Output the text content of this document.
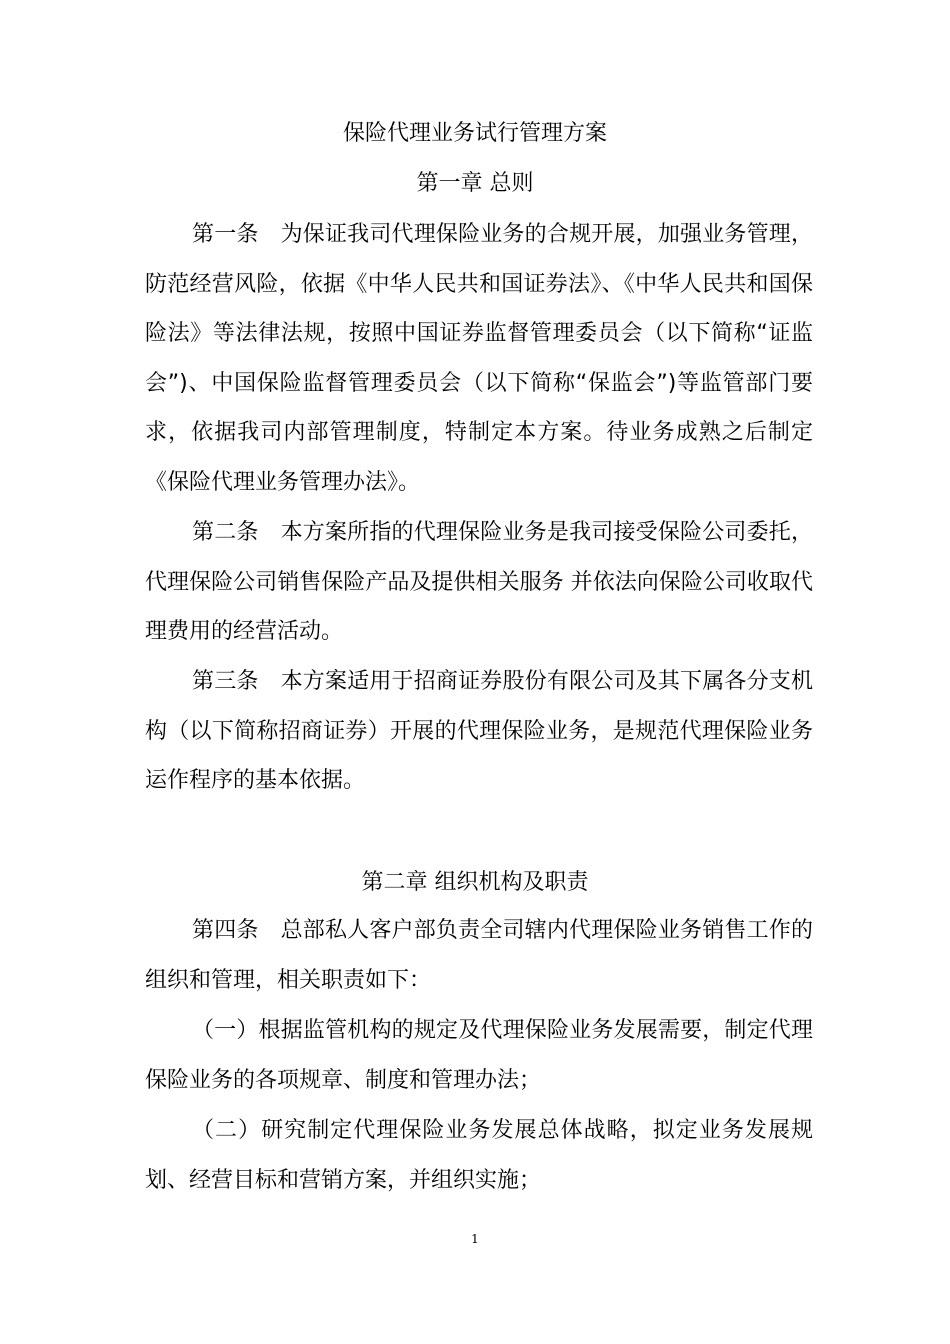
保险代理业务试行管理方案
第一章 总则

第一条 为保证我司代理保险业务的合规开展，加强业务管理，防范经营风险，依据《中华人民共和国证券法》、《中华人民共和国保险法》等法律法规，按照中国证券监督管理委员会（以下简称“证监会”)、中国保险监督管理委员会（以下简称“保监会”)等监管部门要求，依据我司内部管理制度，特制定本方案。待业务成熟之后制定《保险代理业务管理办法》。

第二条 本方案所指的代理保险业务是我司接受保险公司委托，代理保险公司销售保险产品及提供相关服务 并依法向保险公司收取代理费用的经营活动。

第三条 本方案适用于招商证券股份有限公司及其下属各分支机构（以下简称招商证券）开展的代理保险业务，是规范代理保险业务运作程序的基本依据。

第二章 组织机构及职责

第四条 总部私人客户部负责全司辖内代理保险业务销售工作的组织和管理，相关职责如下：

（一）根据监管机构的规定及代理保险业务发展需要，制定代理保险业务的各项规章、制度和管理办法；

（二）研究制定代理保险业务发展总体战略，拟定业务发展规划、经营目标和营销方案，并组织实施；

1
